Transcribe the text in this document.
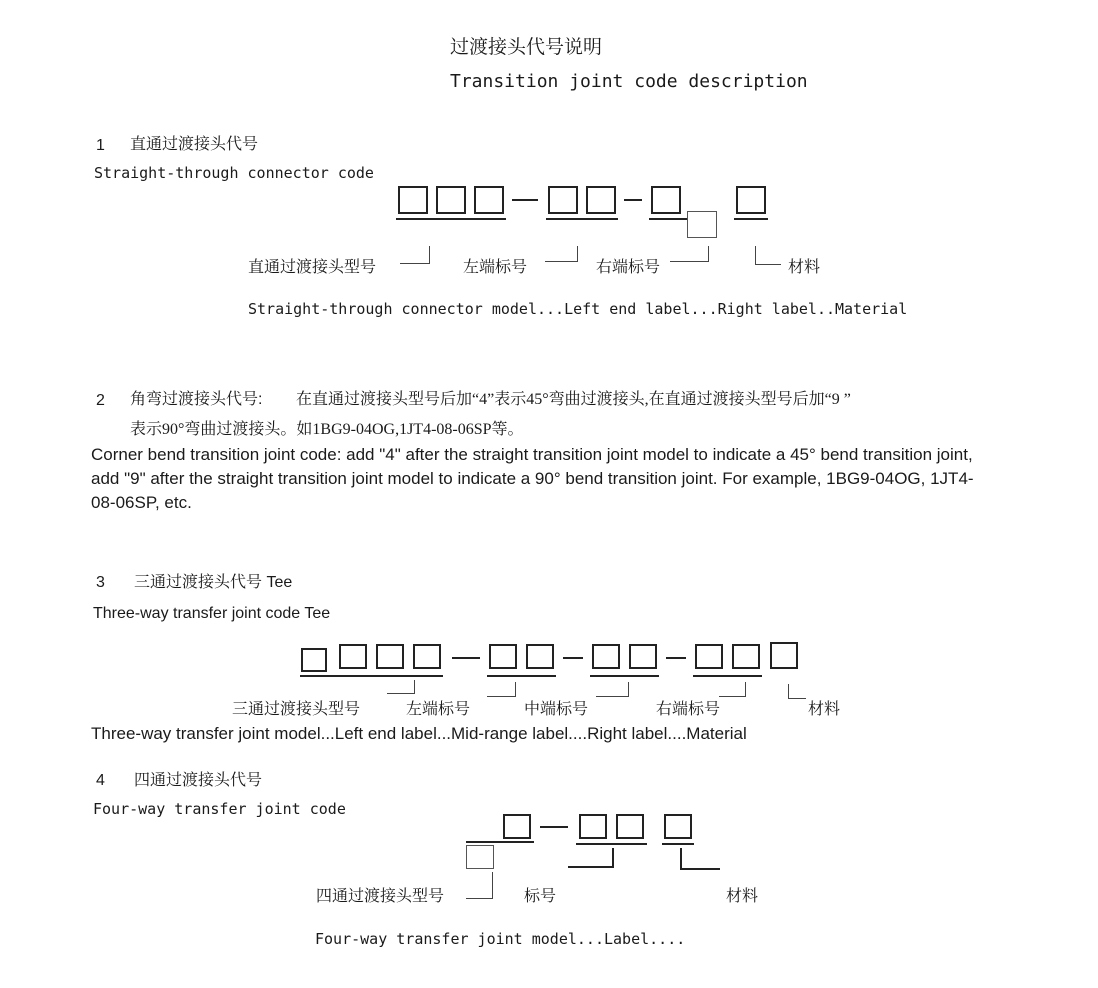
过渡接头代号说明
Transition joint code description
1 直通过渡接头代号
Straight-through connector code
直通过渡接头型号	左端标号	右端标号	材料
Straight-through connector model...Left end label...Right label..Material
2 角弯过渡接头代号: 在直通过渡接头型号后加“4”表示45°弯曲过渡接头,在直通过渡接头型号后加“9 ”
表示90°弯曲过渡接头。如1BG9-04OG,1JT4-08-06SP等。
Corner bend transition joint code: add "4" after the straight transition joint model to indicate a 45° bend transition joint,
add "9" after the straight transition joint model to indicate a 90° bend transition joint. For example, 1BG9-04OG, 1JT4-
08-06SP, etc.
3 三通过渡接头代号 Tee
Three-way transfer joint code Tee
三通过渡接头型号	左端标号	中端标号	右端标号	材料
Three-way transfer joint model...Left end label...Mid-range label....Right label....Material
4 四通过渡接头代号
Four-way transfer joint code
四通过渡接头型号	标号	材料
Four-way transfer joint model...Label....
